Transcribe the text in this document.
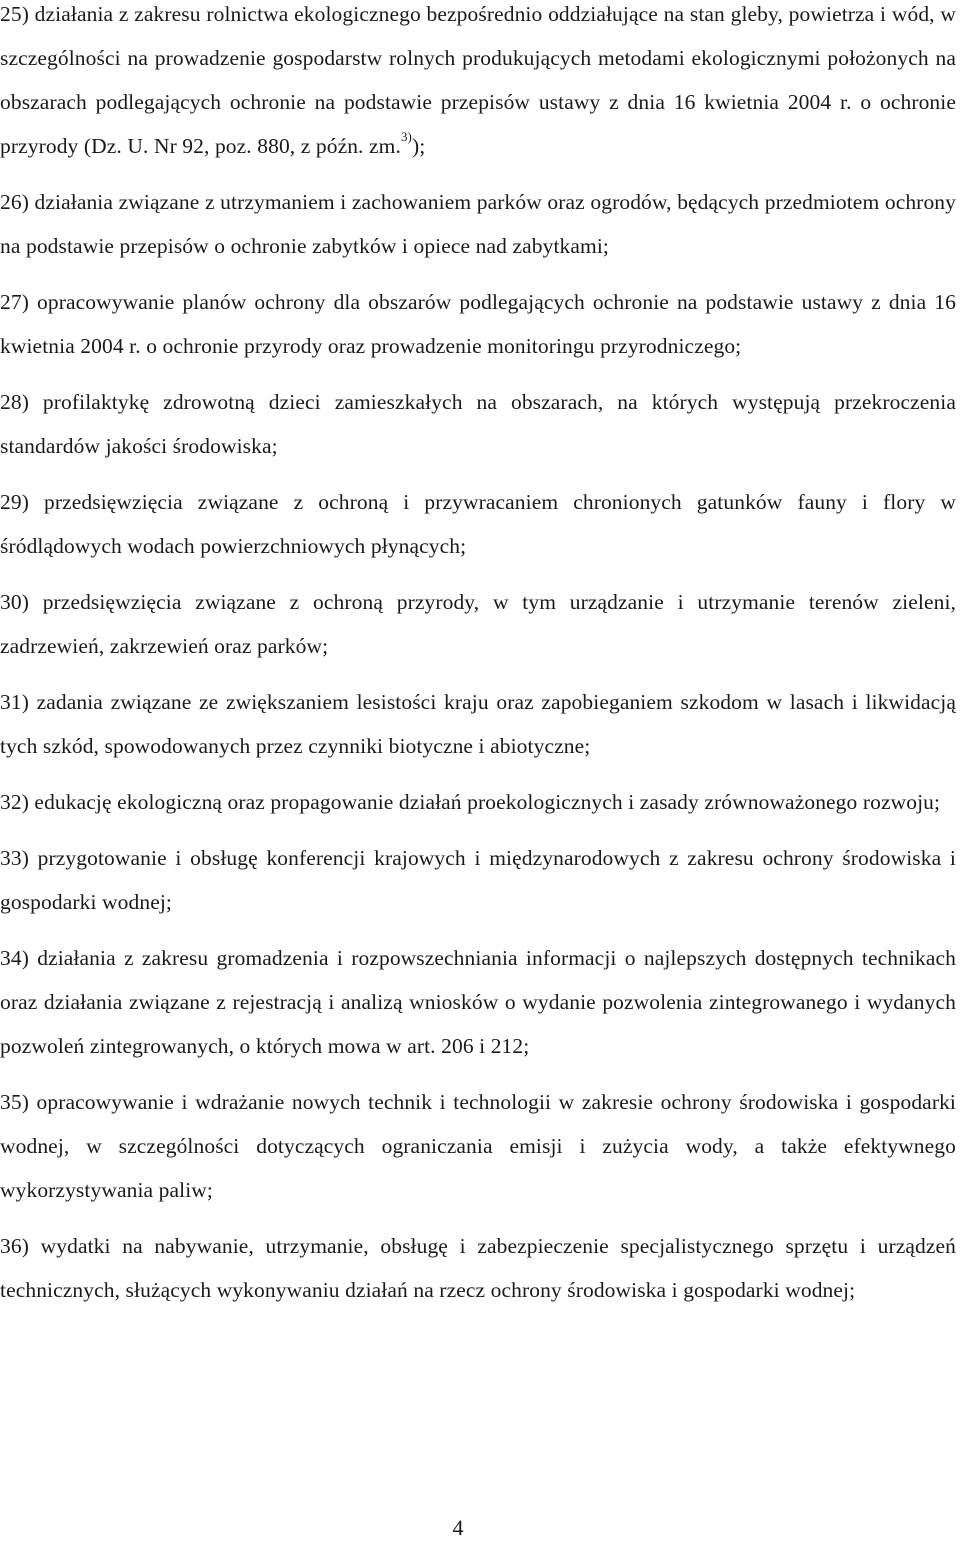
25) działania z zakresu rolnictwa ekologicznego bezpośrednio oddziałujące na stan gleby, powietrza i wód, w szczególności na prowadzenie gospodarstw rolnych produkujących metodami ekologicznymi położonych na obszarach podlegających ochronie na podstawie przepisów ustawy z dnia 16 kwietnia 2004 r. o ochronie przyrody (Dz. U. Nr 92, poz. 880, z późn. zm.$^{3)}$);

26) działania związane z utrzymaniem i zachowaniem parków oraz ogrodów, będących przedmiotem ochrony na podstawie przepisów o ochronie zabytków i opiece nad zabytkami;

27) opracowywanie planów ochrony dla obszarów podlegających ochronie na podstawie ustawy z dnia 16 kwietnia 2004 r. o ochronie przyrody oraz prowadzenie monitoringu przyrodniczego;

28) profilaktykę zdrowotną dzieci zamieszkałych na obszarach, na których występują przekroczenia standardów jakości środowiska;

29) przedsięwzięcia związane z ochroną i przywracaniem chronionych gatunków fauny i flory w śródlądowych wodach powierzchniowych płynących;

30) przedsięwzięcia związane z ochroną przyrody, w tym urządzanie i utrzymanie terenów zieleni, zadrzewień, zakrzewień oraz parków;

31) zadania związane ze zwiększaniem lesistości kraju oraz zapobieganiem szkodom w lasach i likwidacją tych szkód, spowodowanych przez czynniki biotyczne i abiotyczne;

32) edukację ekologiczną oraz propagowanie działań proekologicznych i zasady zrównoważonego rozwoju;

33) przygotowanie i obsługę konferencji krajowych i międzynarodowych z zakresu ochrony środowiska i gospodarki wodnej;

34) działania z zakresu gromadzenia i rozpowszechniania informacji o najlepszych dostępnych technikach oraz działania związane z rejestracją i analizą wniosków o wydanie pozwolenia zintegrowanego i wydanych pozwoleń zintegrowanych, o których mowa w art. 206 i 212;

35) opracowywanie i wdrażanie nowych technik i technologii w zakresie ochrony środowiska i gospodarki wodnej, w szczególności dotyczących ograniczania emisji i zużycia wody, a także efektywnego wykorzystywania paliw;

36) wydatki na nabywanie, utrzymanie, obsługę i zabezpieczenie specjalistycznego sprzętu i urządzeń technicznych, służących wykonywaniu działań na rzecz ochrony środowiska i gospodarki wodnej;

4
